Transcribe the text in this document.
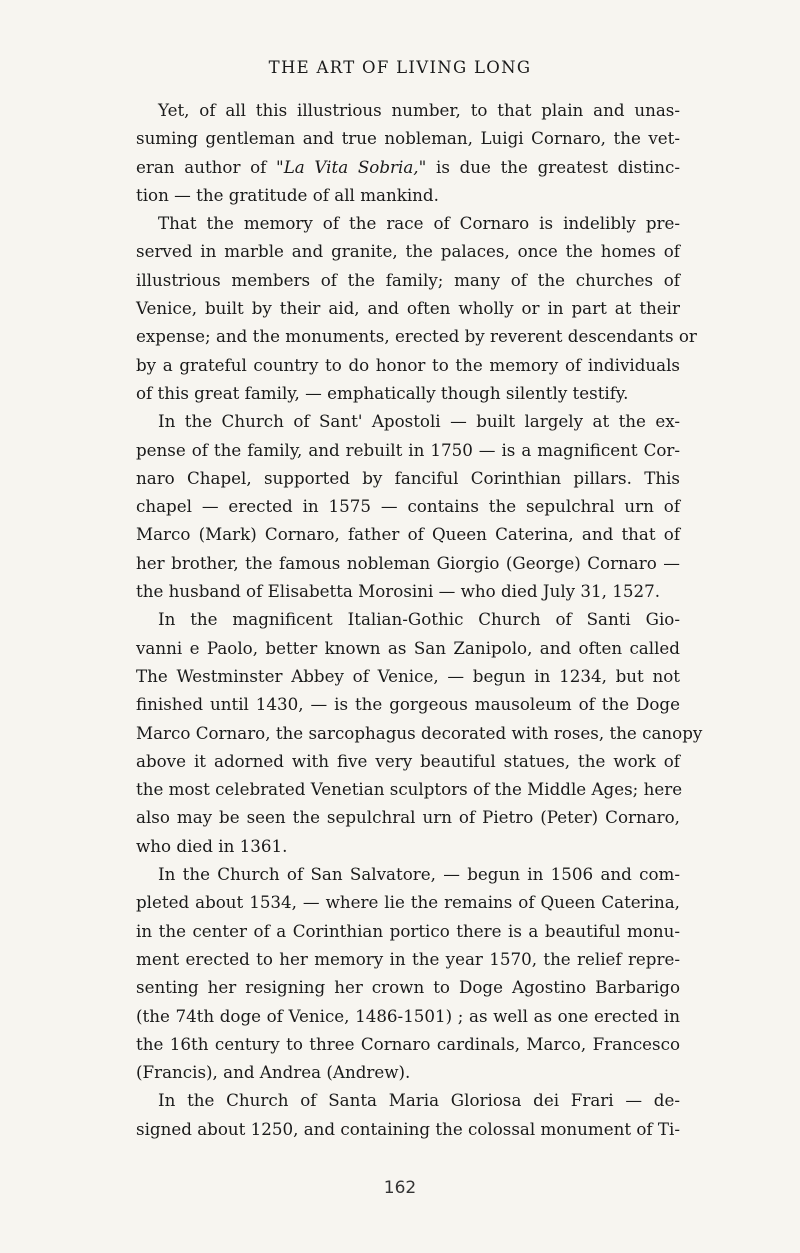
THE ART OF LIVING LONG
Yet, of all this illustrious number, to that plain and unas-
suming gentleman and true nobleman, Luigi Cornaro, the vet-
eran author of "La Vita Sobria," is due the greatest distinc-
tion — the gratitude of all mankind.
That the memory of the race of Cornaro is indelibly pre-
served in marble and granite, the palaces, once the homes of
illustrious members of the family; many of the churches of
Venice, built by their aid, and often wholly or in part at their
expense; and the monuments, erected by reverent descendants or
by a grateful country to do honor to the memory of individuals
of this great family, — emphatically though silently testify.
In the Church of Sant' Apostoli — built largely at the ex-
pense of the family, and rebuilt in 1750 — is a magnificent Cor-
naro Chapel, supported by fanciful Corinthian pillars. This
chapel — erected in 1575 — contains the sepulchral urn of
Marco (Mark) Cornaro, father of Queen Caterina, and that of
her brother, the famous nobleman Giorgio (George) Cornaro —
the husband of Elisabetta Morosini — who died July 31, 1527.
In the magnificent Italian-Gothic Church of Santi Gio-
vanni e Paolo, better known as San Zanipolo, and often called
The Westminster Abbey of Venice, — begun in 1234, but not
finished until 1430, — is the gorgeous mausoleum of the Doge
Marco Cornaro, the sarcophagus decorated with roses, the canopy
above it adorned with five very beautiful statues, the work of
the most celebrated Venetian sculptors of the Middle Ages; here
also may be seen the sepulchral urn of Pietro (Peter) Cornaro,
who died in 1361.
In the Church of San Salvatore, — begun in 1506 and com-
pleted about 1534, — where lie the remains of Queen Caterina,
in the center of a Corinthian portico there is a beautiful monu-
ment erected to her memory in the year 1570, the relief repre-
senting her resigning her crown to Doge Agostino Barbarigo
(the 74th doge of Venice, 1486-1501) ; as well as one erected in
the 16th century to three Cornaro cardinals, Marco, Francesco
(Francis), and Andrea (Andrew).
In the Church of Santa Maria Gloriosa dei Frari — de-
signed about 1250, and containing the colossal monument of Ti-
162
